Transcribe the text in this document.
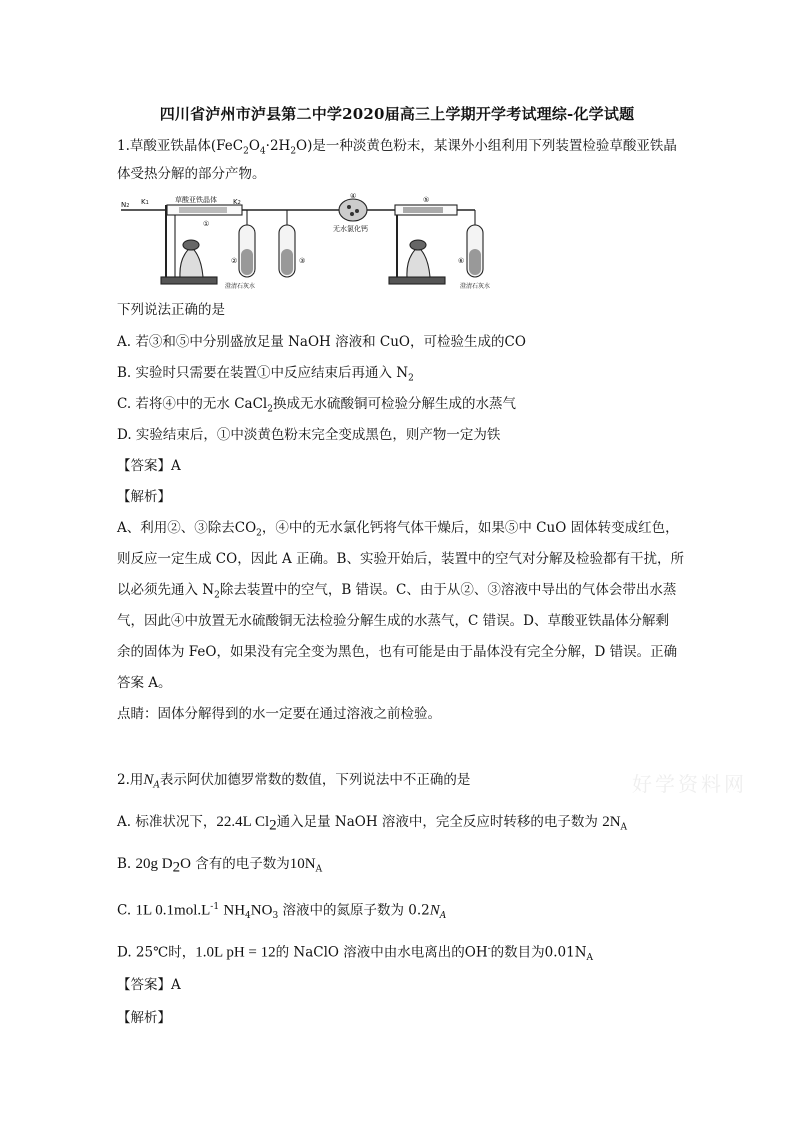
四川省泸州市泸县第二中学2020届高三上学期开学考试理综-化学试题
1.草酸亚铁晶体$(FeC_2O_4\cdot 2H_2O)$是一种淡黄色粉末，某课外小组利用下列装置检验草酸亚铁晶
体受热分解的部分产物。
N2 K1	K2
草酸亚铁晶体
无水氯化钙
①
②	③
④	⑤
⑥
澄清石灰水	澄清石灰水
下列说法正确的是
A. 若③和⑤中分别盛放足量 NaOH 溶液和 CuO，可检验生成的CO
B. 实验时只需要在装置①中反应结束后再通入 $N_2$
C. 若将④中的无水 CaCl$_2$换成无水硫酸铜可检验分解生成的水蒸气
D. 实验结束后，①中淡黄色粉末完全变成黑色，则产物一定为铁
【答案】A
【解析】
A、利用②、③除去$CO_2$，④中的无水氯化钙将气体干燥后，如果⑤中 CuO 固体转变成红色，
则反应一定生成 CO，因此 A 正确。B、实验开始后，装置中的空气对分解及检验都有干扰，所
以必须先通入 $N_2$除去装置中的空气，B 错误。C、由于从②、③溶液中导出的气体会带出水蒸
气，因此④中放置无水硫酸铜无法检验分解生成的水蒸气，C 错误。D、草酸亚铁晶体分解剩
余的固体为 FeO，如果没有完全变为黑色，也有可能是由于晶体没有完全分解，D 错误。正确
答案 A。
点睛：固体分解得到的水一定要在通过溶液之前检验。
2.用$N_A$表示阿伏加德罗常数的数值，下列说法中不正确的是
A. 标准状况下，22.4L $Cl_2$通入足量 NaOH 溶液中，完全反应时转移的电子数为 $2N_A$
B. 20g $D_2O$ 含有的电子数为$10N_A$
C. 1L $0.1mol.L^{-1}$ $NH_4NO_3$ 溶液中的氮原子数为 $0.2N_A$
D. 25℃时，1.0L pH = 12的 NaClO 溶液中由水电离出的OH-的数目为$0.01N_A$
【答案】A
【解析】
好学资料网
